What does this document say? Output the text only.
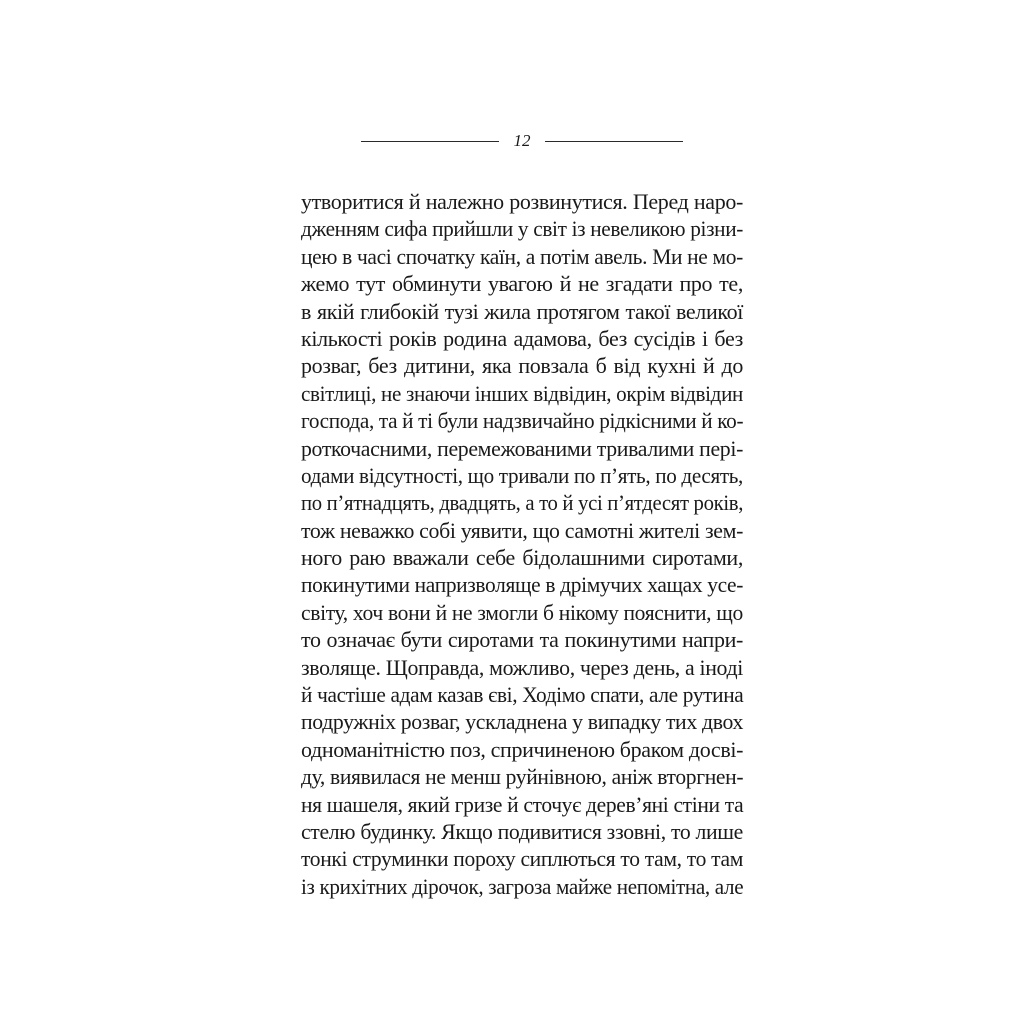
12
утворитися й належно розвинутися. Перед наро-
дженням сифа прийшли у світ із невеликою різни-
цею в часі спочатку каїн, а потім авель. Ми не мо-
жемо тут обминути увагою й не згадати про те,
в якій глибокій тузі жила протягом такої великої
кількості років родина адамова, без сусідів і без
розваг, без дитини, яка повзала б від кухні й до
світлиці, не знаючи інших відвідин, окрім відвідин
господа, та й ті були надзвичайно рідкісними й ко-
роткочасними, перемежованими тривалими пері-
одами відсутності, що тривали по п’ять, по десять,
по п’ятнадцять, двадцять, а то й усі п’ятдесят років,
тож неважко собі уявити, що самотні жителі зем-
ного раю вважали себе бідолашними сиротами,
покинутими напризволяще в дрімучих хащах усе-
світу, хоч вони й не змогли б нікому пояснити, що
то означає бути сиротами та покинутими напри-
зволяще. Щоправда, можливо, через день, а іноді
й частіше адам казав єві, Ходімо спати, але рутина
подружніх розваг, ускладнена у випадку тих двох
одноманітністю поз, спричиненою браком досві-
ду, виявилася не менш руйнівною, аніж вторгнен-
ня шашеля, який гризе й сточує дерев’яні стіни та
стелю будинку. Якщо подивитися ззовні, то лише
тонкі струминки пороху сиплються то там, то там
із крихітних дірочок, загроза майже непомітна, але
